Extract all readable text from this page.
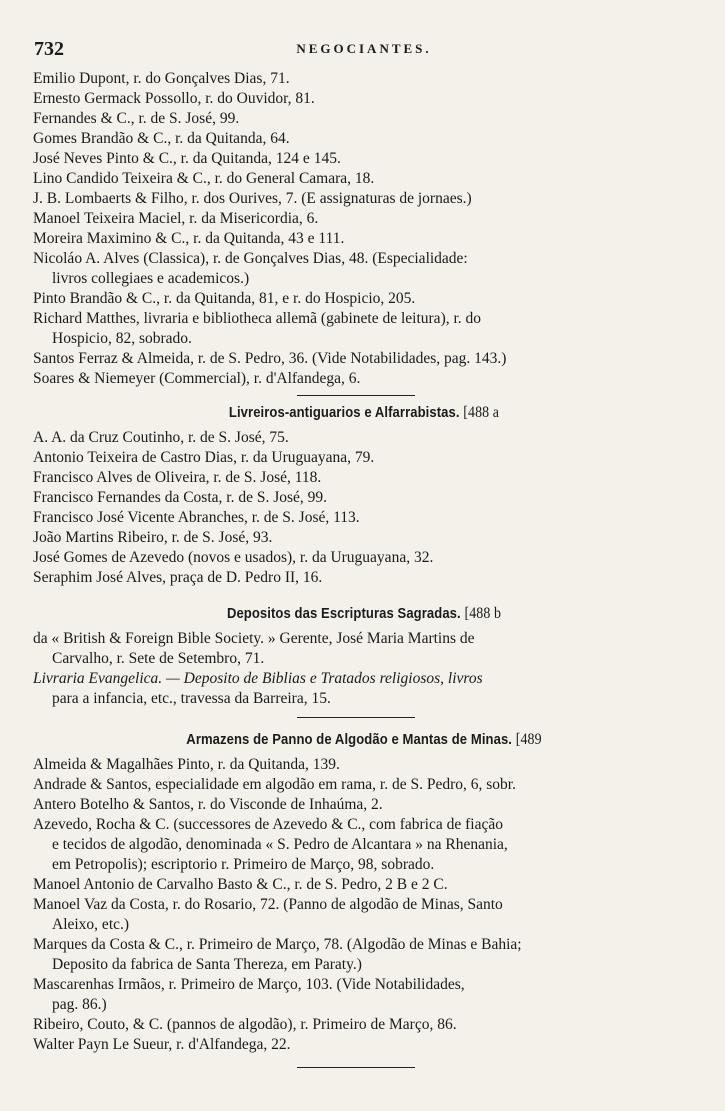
732	NEGOCIANTES.
Emilio Dupont, r. do Gonçalves Dias, 71.
Ernesto Germack Possollo, r. do Ouvidor, 81.
Fernandes & C., r. de S. José, 99.
Gomes Brandão & C., r. da Quitanda, 64.
José Neves Pinto & C., r. da Quitanda, 124 e 145.
Lino Candido Teixeira & C., r. do General Camara, 18.
J. B. Lombaerts & Filho, r. dos Ourives, 7. (E assignaturas de jornaes.)
Manoel Teixeira Maciel, r. da Misericordia, 6.
Moreira Maximino & C., r. da Quitanda, 43 e 111.
Nicoláo A. Alves (Classica), r. de Gonçalves Dias, 48. (Especialidade:
livros collegiaes e academicos.)
Pinto Brandão & C., r. da Quitanda, 81, e r. do Hospicio, 205.
Richard Matthes, livraria e bibliotheca allemã (gabinete de leitura), r. do
Hospicio, 82, sobrado.
Santos Ferraz & Almeida, r. de S. Pedro, 36. (Vide Notabilidades, pag. 143.)
Soares & Niemeyer (Commercial), r. d'Alfandega, 6.
Livreiros-antiguarios e Alfarrabistas. [488 a
A. A. da Cruz Coutinho, r. de S. José, 75.
Antonio Teixeira de Castro Dias, r. da Uruguayana, 79.
Francisco Alves de Oliveira, r. de S. José, 118.
Francisco Fernandes da Costa, r. de S. José, 99.
Francisco José Vicente Abranches, r. de S. José, 113.
João Martins Ribeiro, r. de S. José, 93.
José Gomes de Azevedo (novos e usados), r. da Uruguayana, 32.
Seraphim José Alves, praça de D. Pedro II, 16.
Depositos das Escripturas Sagradas. [488 b
da « British & Foreign Bible Society. » Gerente, José Maria Martins de
Carvalho, r. Sete de Setembro, 71.
Livraria Evangelica. — Deposito de Biblias e Tratados religiosos, livros
para a infancia, etc., travessa da Barreira, 15.
Armazens de Panno de Algodão e Mantas de Minas. [489
Almeida & Magalhães Pinto, r. da Quitanda, 139.
Andrade & Santos, especialidade em algodão em rama, r. de S. Pedro, 6, sobr.
Antero Botelho & Santos, r. do Visconde de Inhaúma, 2.
Azevedo, Rocha & C. (successores de Azevedo & C., com fabrica de fiação
e tecidos de algodão, denominada « S. Pedro de Alcantara » na Rhenania,
em Petropolis); escriptorio r. Primeiro de Março, 98, sobrado.
Manoel Antonio de Carvalho Basto & C., r. de S. Pedro, 2 B e 2 C.
Manoel Vaz da Costa, r. do Rosario, 72. (Panno de algodão de Minas, Santo
Aleixo, etc.)
Marques da Costa & C., r. Primeiro de Março, 78. (Algodão de Minas e Bahia;
Deposito da fabrica de Santa Thereza, em Paraty.)
Mascarenhas Irmãos, r. Primeiro de Março, 103. (Vide Notabilidades,
pag. 86.)
Ribeiro, Couto, & C. (pannos de algodão), r. Primeiro de Março, 86.
Walter Payn Le Sueur, r. d'Alfandega, 22.
